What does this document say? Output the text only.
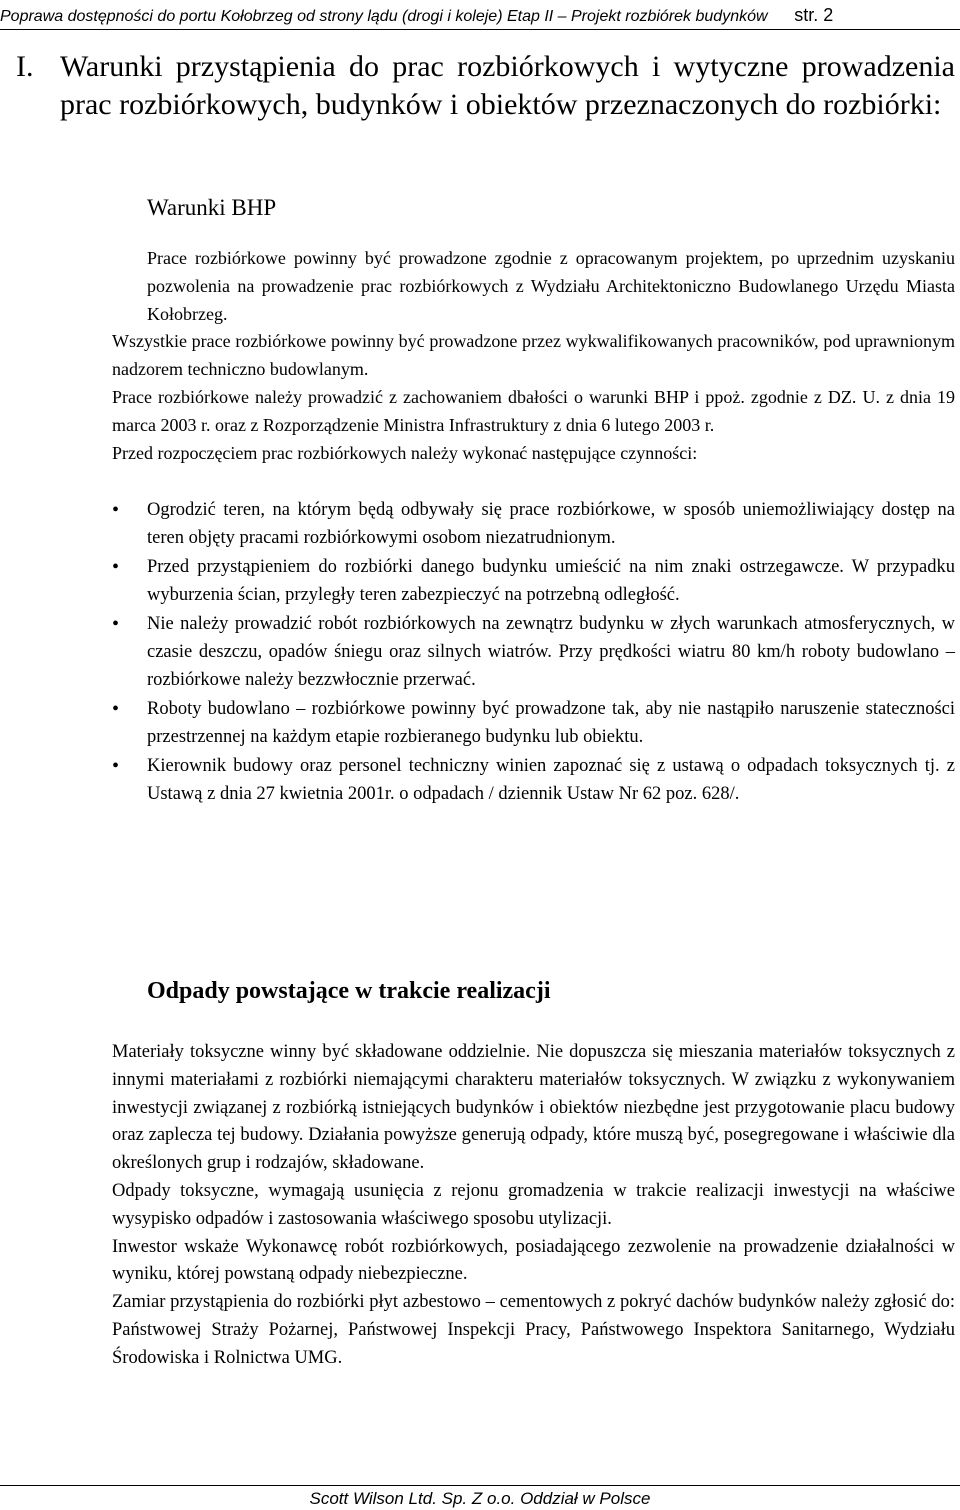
Poprawa dostępności do portu Kołobrzeg od strony lądu (drogi i koleje) Etap II – Projekt rozbiórek budynków str. 2
I. Warunki przystąpienia do prac rozbiórkowych i wytyczne prowadzenia prac rozbiórkowych, budynków i obiektów przeznaczonych do rozbiórki:
Warunki BHP

Prace rozbiórkowe powinny być prowadzone zgodnie z opracowanym projektem, po uprzednim uzyskaniu pozwolenia na prowadzenie prac rozbiórkowych z Wydziału Architektoniczno Budowlanego Urzędu Miasta Kołobrzeg.

Wszystkie prace rozbiórkowe powinny być prowadzone przez wykwalifikowanych pracowników, pod uprawnionym nadzorem techniczno budowlanym.

Prace rozbiórkowe należy prowadzić z zachowaniem dbałości o warunki BHP i ppoż. zgodnie z DZ. U. z dnia 19 marca 2003 r. oraz z Rozporządzenie Ministra Infrastruktury z dnia 6 lutego 2003 r.

Przed rozpoczęciem prac rozbiórkowych należy wykonać następujące czynności:

•	Ogrodzić teren, na którym będą odbywały się prace rozbiórkowe, w sposób uniemożliwiający dostęp na teren objęty pracami rozbiórkowymi osobom niezatrudnionym.
•	Przed przystąpieniem do rozbiórki danego budynku umieścić na nim znaki ostrzegawcze. W przypadku wyburzenia ścian, przyległy teren zabezpieczyć na potrzebną odległość.
•	Nie należy prowadzić robót rozbiórkowych na zewnątrz budynku w złych warunkach atmosferycznych, w czasie deszczu, opadów śniegu oraz silnych wiatrów. Przy prędkości wiatru 80 km/h roboty budowlano – rozbiórkowe należy bezzwłocznie przerwać.
•	Roboty budowlano – rozbiórkowe powinny być prowadzone tak, aby nie nastąpiło naruszenie stateczności przestrzennej na każdym etapie rozbieranego budynku lub obiektu.
•	Kierownik budowy oraz personel techniczny winien zapoznać się z ustawą o odpadach toksycznych tj. z Ustawą z dnia 27 kwietnia 2001r. o odpadach / dziennik Ustaw Nr 62 poz. 628/.
Odpady powstające w trakcie realizacji

Materiały toksyczne winny być składowane oddzielnie. Nie dopuszcza się mieszania materiałów toksycznych z innymi materiałami z rozbiórki niemającymi charakteru materiałów toksycznych. W związku z wykonywaniem inwestycji związanej z rozbiórką istniejących budynków i obiektów niezbędne jest przygotowanie placu budowy oraz zaplecza tej budowy. Działania powyższe generują odpady, które muszą być, posegregowane i właściwie dla określonych grup i rodzajów, składowane.

Odpady toksyczne, wymagają usunięcia z rejonu gromadzenia w trakcie realizacji inwestycji na właściwe wysypisko odpadów i zastosowania właściwego sposobu utylizacji.

Inwestor wskaże Wykonawcę robót rozbiórkowych, posiadającego zezwolenie na prowadzenie działalności w wyniku, której powstaną odpady niebezpieczne.

Zamiar przystąpienia do rozbiórki płyt azbestowo – cementowych z pokryć dachów budynków należy zgłosić do: Państwowej Straży Pożarnej, Państwowej Inspekcji Pracy, Państwowego Inspektora Sanitarnego, Wydziału Środowiska i Rolnictwa UMG.

Scott Wilson Ltd. Sp. Z o.o. Oddział w Polsce
